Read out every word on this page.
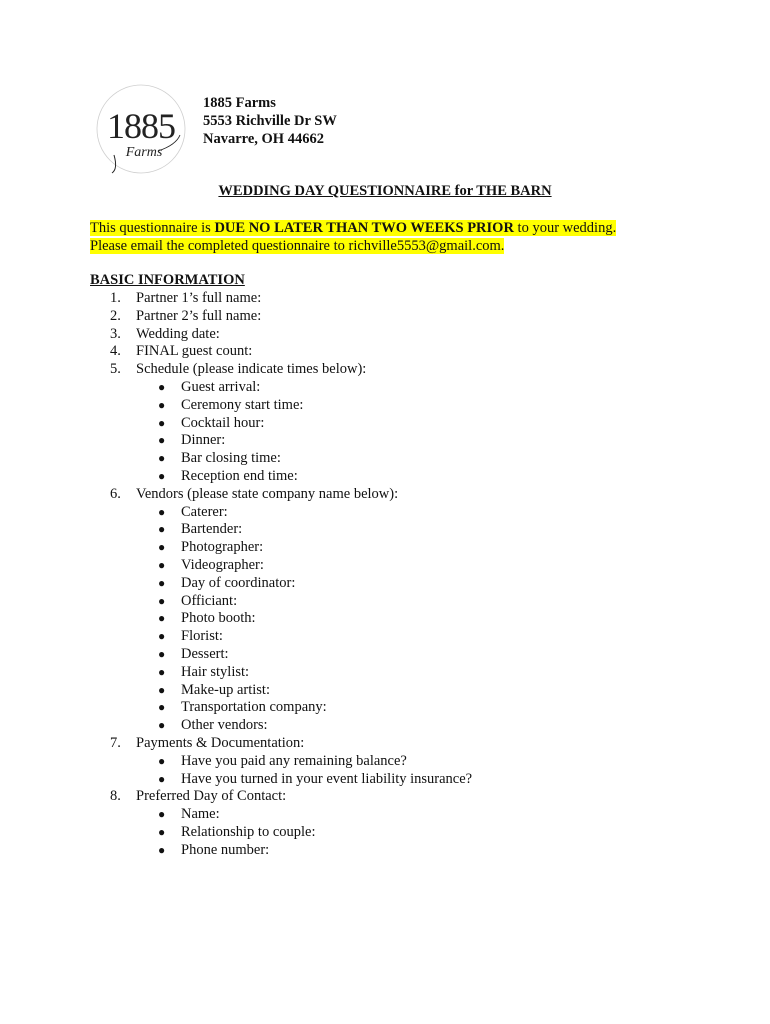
1885
Farms
1885 Farms
5553 Richville Dr SW
Navarre, OH 44662
WEDDING DAY QUESTIONNAIRE for THE BARN
This questionnaire is DUE NO LATER THAN TWO WEEKS PRIOR to your wedding.
Please email the completed questionnaire to richville5553@gmail.com.
BASIC INFORMATION
1.	Partner 1’s full name:
2.	Partner 2’s full name:
3.	Wedding date:
4.	FINAL guest count:
5.	Schedule (please indicate times below):
● Guest arrival:
● Ceremony start time:
● Cocktail hour:
● Dinner:
● Bar closing time:
● Reception end time:
6.	Vendors (please state company name below):
● Caterer:
● Bartender:
● Photographer:
● Videographer:
● Day of coordinator:
● Officiant:
● Photo booth:
● Florist:
● Dessert:
● Hair stylist:
● Make-up artist:
● Transportation company:
● Other vendors:
7.	Payments & Documentation:
● Have you paid any remaining balance?
● Have you turned in your event liability insurance?
8.	Preferred Day of Contact:
● Name:
● Relationship to couple:
● Phone number:
